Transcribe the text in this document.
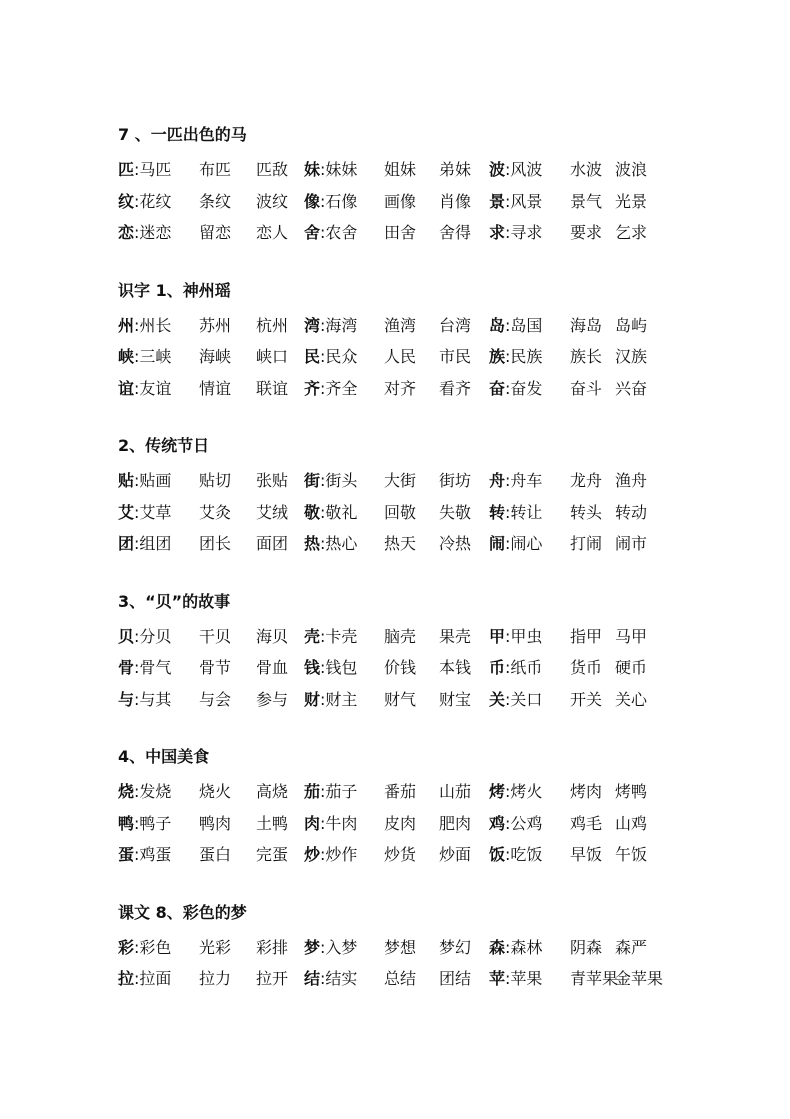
7 、一匹出色的马
匹:马匹 布匹 匹敌 妹:妹妹 姐妹 弟妹 波:风波 水波 波浪
纹:花纹 条纹 波纹 像:石像 画像 肖像 景:风景 景气 光景
恋:迷恋 留恋 恋人 舍:农舍 田舍 舍得 求:寻求 要求 乞求
识字 1、神州瑶
州:州长 苏州 杭州 湾:海湾 渔湾 台湾 岛:岛国 海岛 岛屿
峡:三峡 海峡 峡口 民:民众 人民 市民 族:民族 族长 汉族
谊:友谊 情谊 联谊 齐:齐全 对齐 看齐 奋:奋发 奋斗 兴奋
2、传统节日
贴:贴画 贴切 张贴 街:街头 大街 街坊 舟:舟车 龙舟 渔舟
艾:艾草 艾灸 艾绒 敬:敬礼 回敬 失敬 转:转让 转头 转动
团:组团 团长 面团 热:热心 热天 冷热 闹:闹心 打闹 闹市
3、“贝”的故事
贝:分贝 干贝 海贝 壳:卡壳 脑壳 果壳 甲:甲虫 指甲 马甲
骨:骨气 骨节 骨血 钱:钱包 价钱 本钱 币:纸币 货币 硬币
与:与其 与会 参与 财:财主 财气 财宝 关:关口 开关 关心
4、中国美食
烧:发烧 烧火 高烧 茄:茄子 番茄 山茄 烤:烤火 烤肉 烤鸭
鸭:鸭子 鸭肉 土鸭 肉:牛肉 皮肉 肥肉 鸡:公鸡 鸡毛 山鸡
蛋:鸡蛋 蛋白 完蛋 炒:炒作 炒货 炒面 饭:吃饭 早饭 午饭
课文 8、彩色的梦
彩:彩色 光彩 彩排 梦:入梦 梦想 梦幻 森:森林 阴森 森严
拉:拉面 拉力 拉开 结:结实 总结 团结 苹:苹果 青苹果
金苹果
